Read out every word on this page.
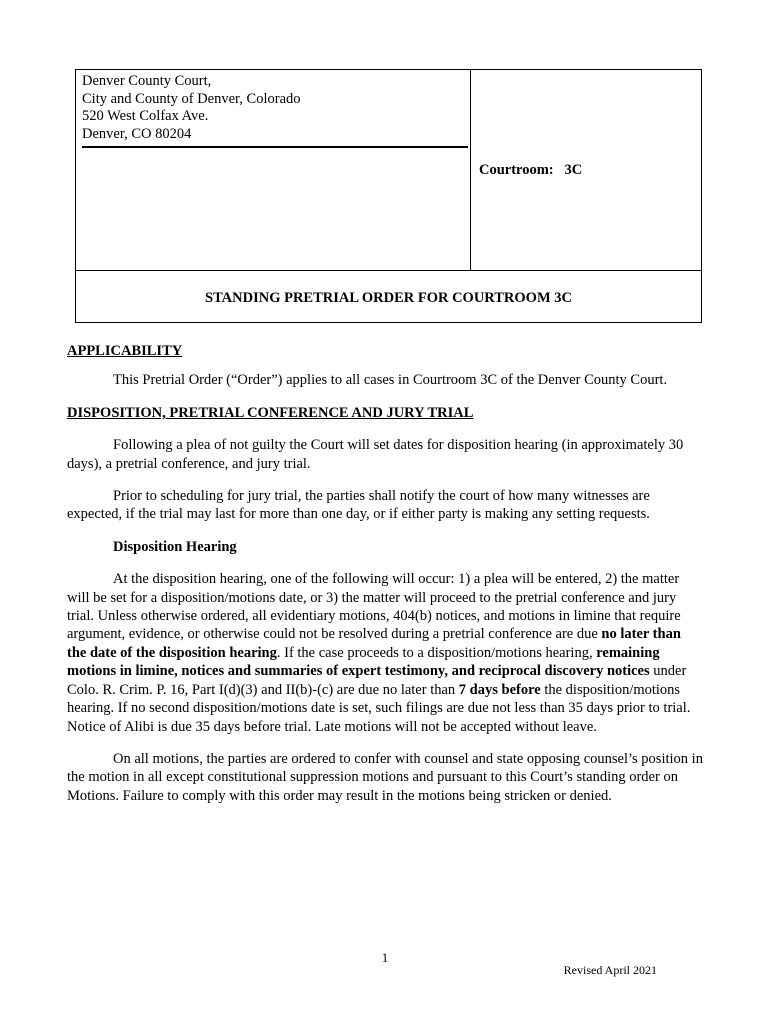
Denver County Court,
City and County of Denver, Colorado
520 West Colfax Ave.
Denver, CO 80204
Courtroom:   3C
STANDING PRETRIAL ORDER FOR COURTROOM 3C

APPLICABILITY

This Pretrial Order (“Order”) applies to all cases in Courtroom 3C of the Denver County Court.

DISPOSITION, PRETRIAL CONFERENCE AND JURY TRIAL

Following a plea of not guilty the Court will set dates for disposition hearing (in approximately 30 days), a pretrial conference, and jury trial.

Prior to scheduling for jury trial, the parties shall notify the court of how many witnesses are expected, if the trial may last for more than one day, or if either party is making any setting requests.

Disposition Hearing

At the disposition hearing, one of the following will occur: 1) a plea will be entered, 2) the matter will be set for a disposition/motions date, or 3) the matter will proceed to the pretrial conference and jury trial. Unless otherwise ordered, all evidentiary motions, 404(b) notices, and motions in limine that require argument, evidence, or otherwise could not be resolved during a pretrial conference are due no later than the date of the disposition hearing. If the case proceeds to a disposition/motions hearing, remaining motions in limine, notices and summaries of expert testimony, and reciprocal discovery notices under Colo. R. Crim. P. 16, Part I(d)(3) and II(b)-(c) are due no later than 7 days before the disposition/motions hearing. If no second disposition/motions date is set, such filings are due not less than 35 days prior to trial. Notice of Alibi is due 35 days before trial. Late motions will not be accepted without leave.

On all motions, the parties are ordered to confer with counsel and state opposing counsel’s position in the motion in all except constitutional suppression motions and pursuant to this Court’s standing order on Motions. Failure to comply with this order may result in the motions being stricken or denied.

1
Revised April 2021
